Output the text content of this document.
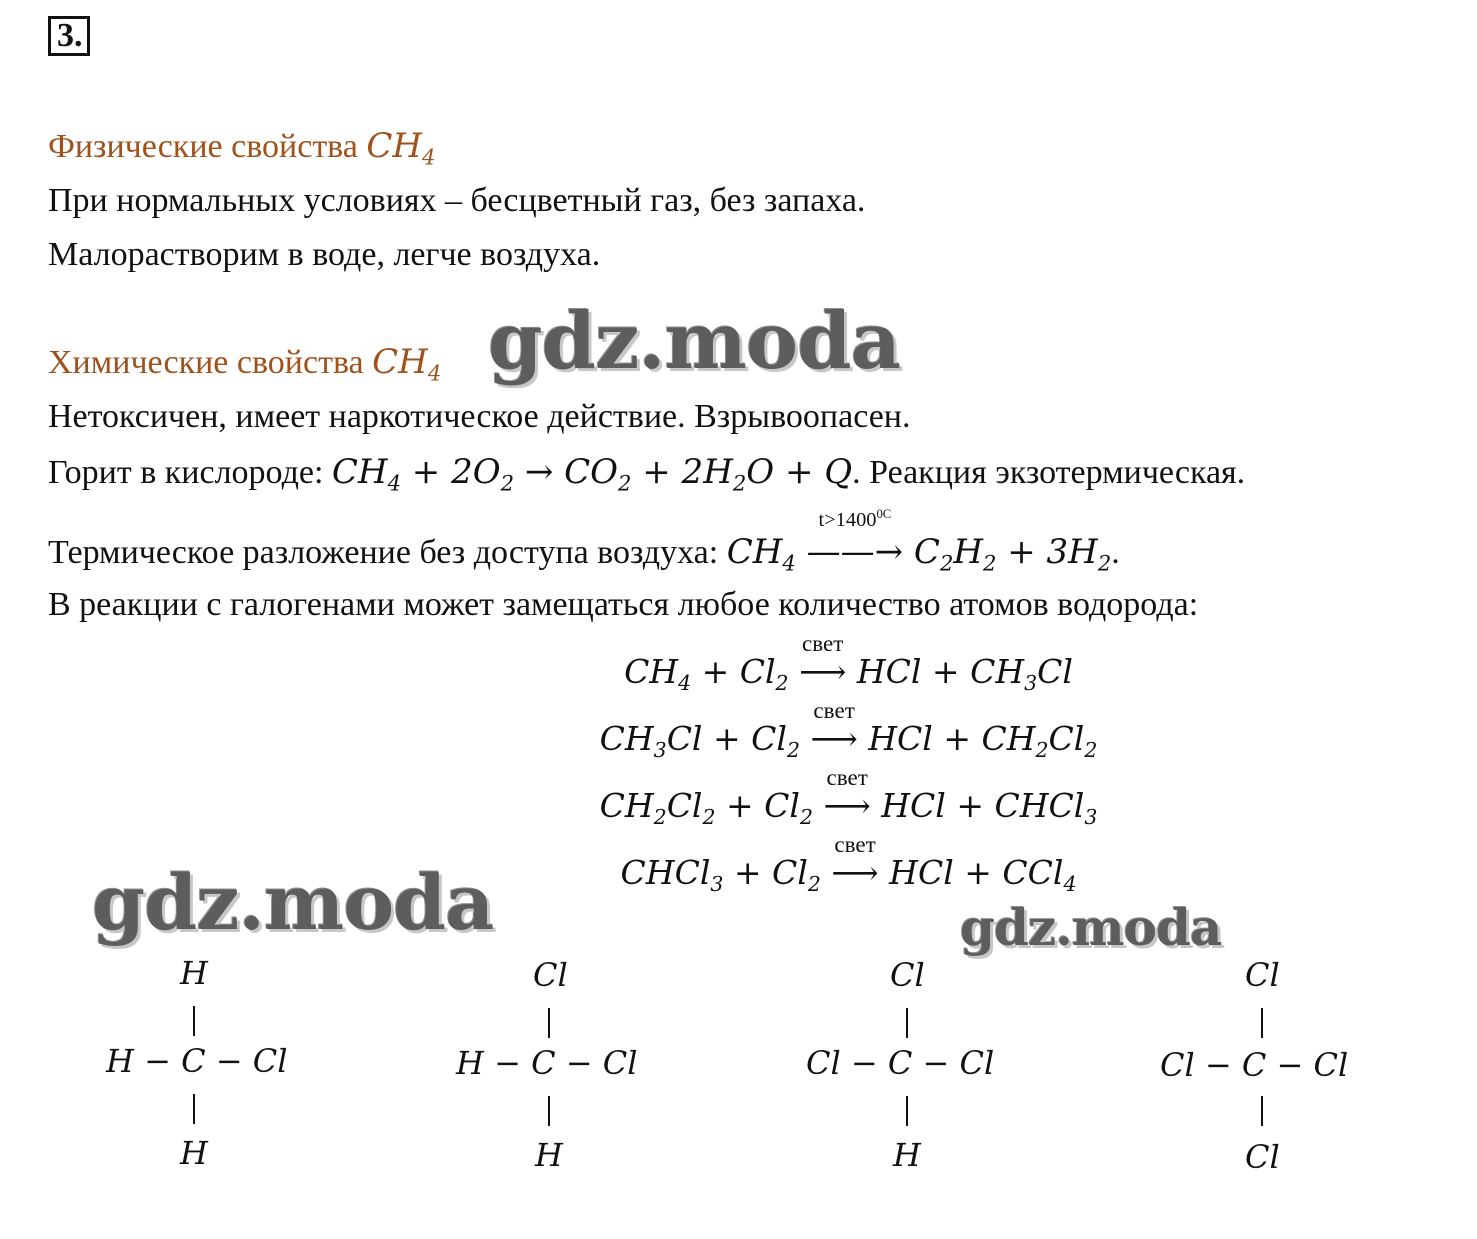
3.
Физические свойства $CH_4$
При нормальных условиях – бесцветный газ, без запаха.
Малорастворим в воде, легче воздуха.
Химические свойства $CH_4$ gdz.moda
Нетоксичен, имеет наркотическое действие. Взрывоопасен.
Горит в кислороде: $CH_4 + 2O_2 \to CO_2 + 2H_2O + Q$. Реакция экзотермическая.
Термическое разложение без доступа воздуха: $CH_4$
$t>1400^{0C}$
——→ $C_2H_2 + 3H_2$.
В реакции с галогенами может замещаться любое количество атомов водорода:
$CH_4 + Cl_2$
свет
⟶ HCl + $CH_3Cl$
$CH_3Cl + Cl_2$
свет
⟶ HCl + $CH_2Cl_2$
$CH_2Cl_2 + Cl_2$
свет
⟶ HCl + CHCl$_3$
CHCl$_3$ + $Cl_2$
свет
⟶ HCl + CCl$_4$
gdz.moda	gdz.moda
H
H − C − Cl
H
Cl
H − C − Cl
H
Cl
Cl − C − Cl
H
Cl
Cl − C − Cl
Cl
